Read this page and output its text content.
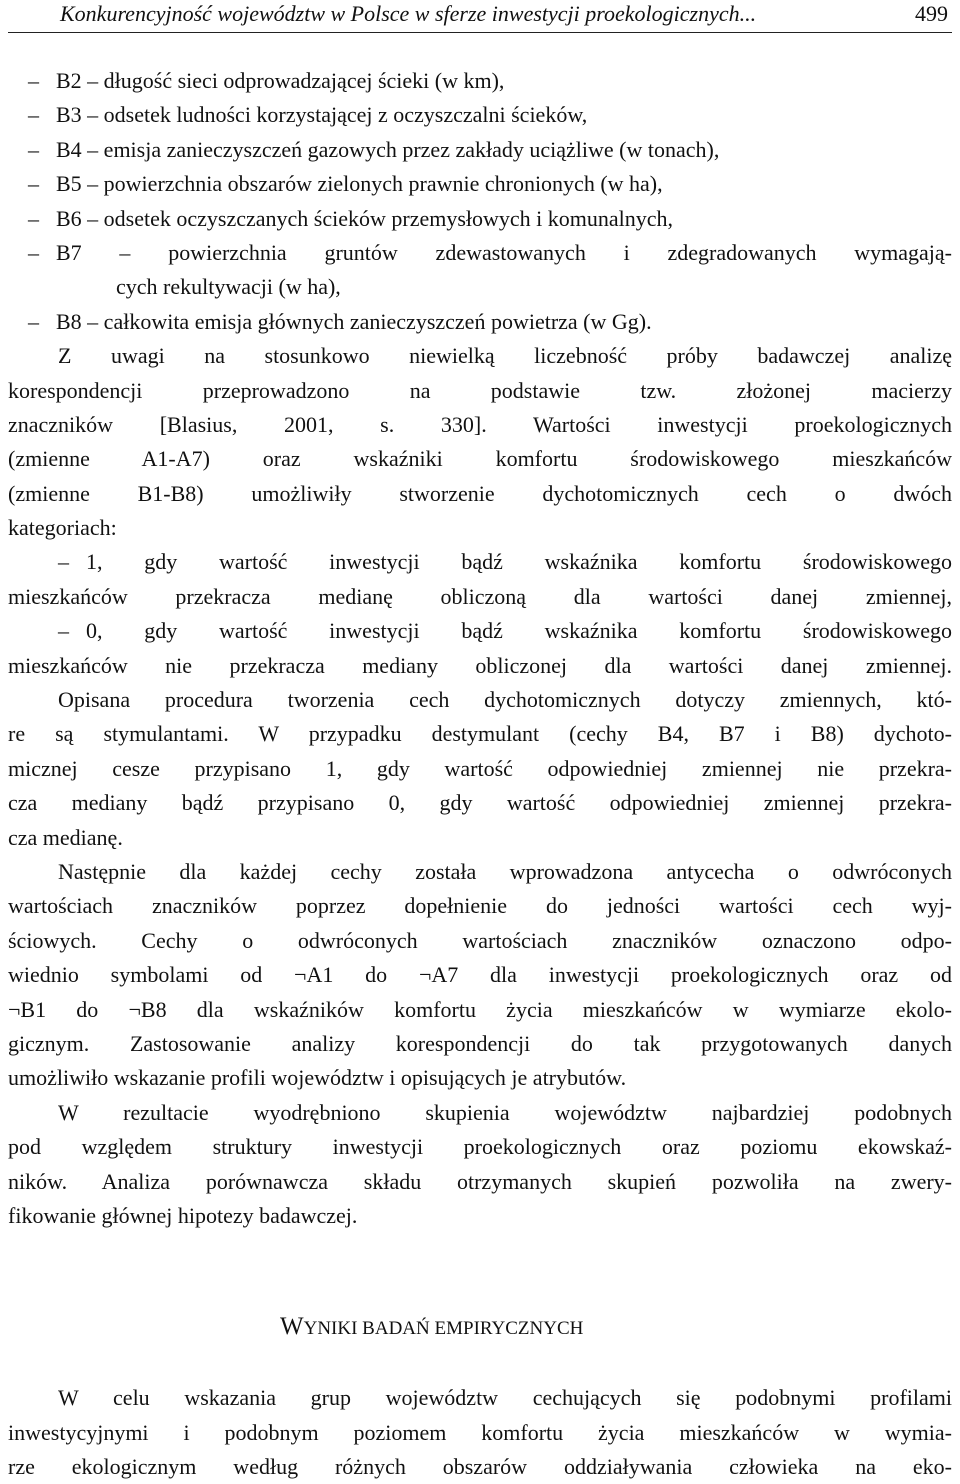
Konkurencyjność województw w Polsce w sferze inwestycji proekologicznych...	499
– B2 – długość sieci odprowadzającej ścieki (w km),
– B3 – odsetek ludności korzystającej z oczyszczalni ścieków,
– B4 – emisja zanieczyszczeń gazowych przez zakłady uciążliwe (w tonach),
– B5 – powierzchnia obszarów zielonych prawnie chronionych (w ha),
– B6 – odsetek oczyszczanych ścieków przemysłowych i komunalnych,
– B7 – powierzchnia gruntów zdewastowanych i zdegradowanych wymagają-
cych rekultywacji (w ha),
– B8 – całkowita emisja głównych zanieczyszczeń powietrza (w Gg).
Z uwagi na stosunkowo niewielką liczebność próby badawczej analizę
korespondencji przeprowadzono na podstawie tzw. złożonej macierzy
znaczników [Blasius, 2001, s. 330]. Wartości inwestycji proekologicznych
(zmienne A1-A7) oraz wskaźniki komfortu środowiskowego mieszkańców
(zmienne B1-B8) umożliwiły stworzenie dychotomicznych cech o dwóch
kategoriach:
– 1, gdy wartość inwestycji bądź wskaźnika komfortu środowiskowego
mieszkańców przekracza medianę obliczoną dla wartości danej zmiennej,
– 0, gdy wartość inwestycji bądź wskaźnika komfortu środowiskowego
mieszkańców nie przekracza mediany obliczonej dla wartości danej zmiennej.
Opisana procedura tworzenia cech dychotomicznych dotyczy zmiennych, któ-
re są stymulantami. W przypadku destymulant (cechy B4, B7 i B8) dychoto-
micznej cesze przypisano 1, gdy wartość odpowiedniej zmiennej nie przekra-
cza mediany bądź przypisano 0, gdy wartość odpowiedniej zmiennej przekra-
cza medianę.
Następnie dla każdej cechy została wprowadzona antycecha o odwróconych
wartościach znaczników poprzez dopełnienie do jedności wartości cech wyj-
ściowych. Cechy o odwróconych wartościach znaczników oznaczono odpo-
wiednio symbolami od ¬A1 do ¬A7 dla inwestycji proekologicznych oraz od
¬B1 do ¬B8 dla wskaźników komfortu życia mieszkańców w wymiarze ekolo-
gicznym. Zastosowanie analizy korespondencji do tak przygotowanych danych
umożliwiło wskazanie profili województw i opisujących je atrybutów.
W rezultacie wyodrębniono skupienia województw najbardziej podobnych
pod względem struktury inwestycji proekologicznych oraz poziomu ekowskaź-
ników. Analiza porównawcza składu otrzymanych skupień pozwoliła na zwery-
fikowanie głównej hipotezy badawczej.
WYNIKI BADAŃ EMPIRYCZNYCH
W celu wskazania grup województw cechujących się podobnymi profilami
inwestycyjnymi i podobnym poziomem komfortu życia mieszkańców w wymia-
rze ekologicznym według różnych obszarów oddziaływania człowieka na eko-
